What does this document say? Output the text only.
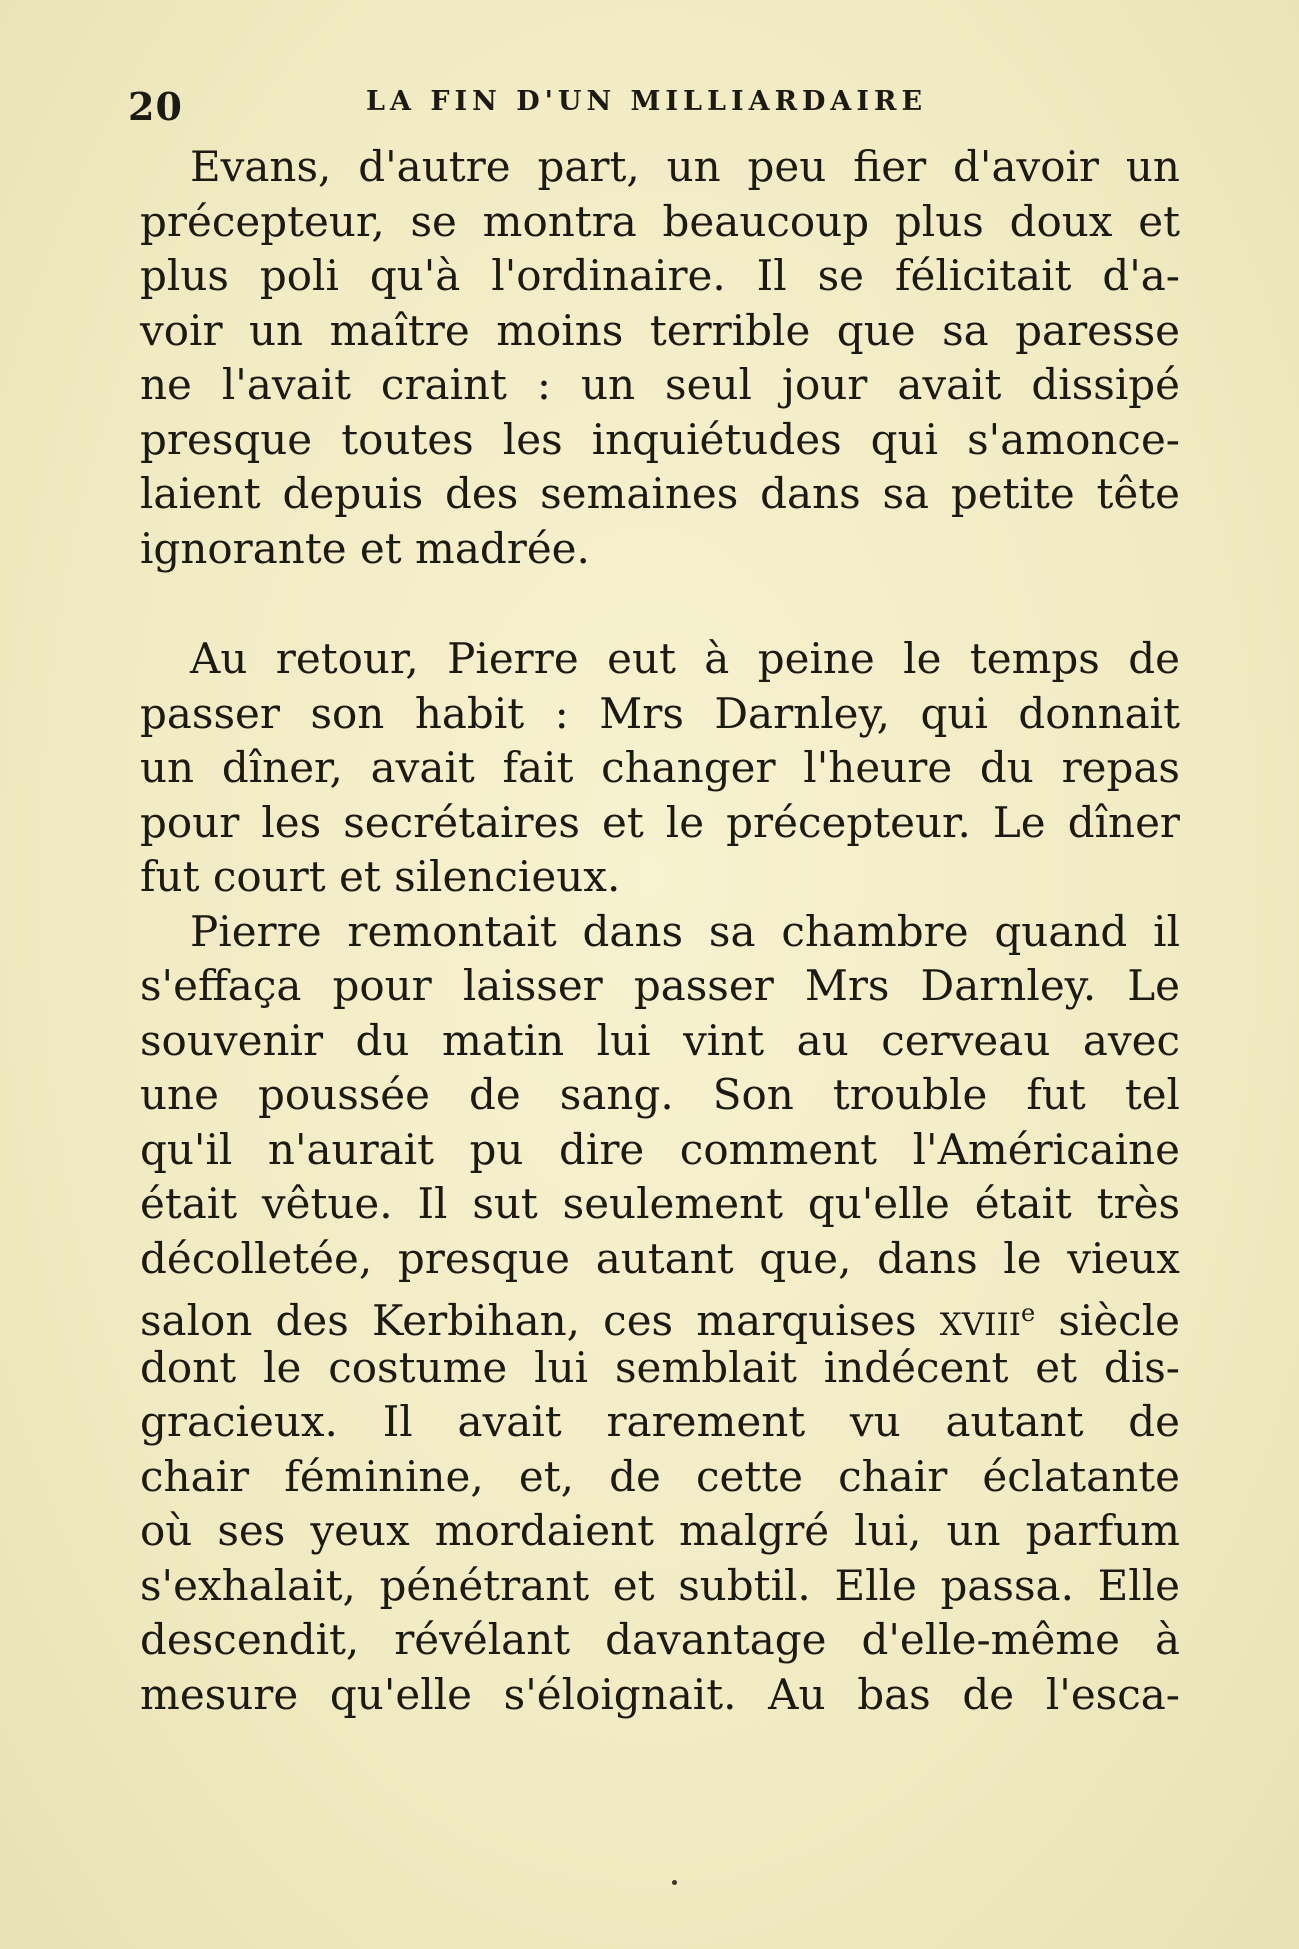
20	LA FIN D'UN MILLIARDAIRE
Evans, d'autre part, un peu fier d'avoir un
précepteur, se montra beaucoup plus doux et
plus poli qu'à l'ordinaire. Il se félicitait d'a-
voir un maître moins terrible que sa paresse
ne l'avait craint : un seul jour avait dissipé
presque toutes les inquiétudes qui s'amonce-
laient depuis des semaines dans sa petite tête
ignorante et madrée.
Au retour, Pierre eut à peine le temps de
passer son habit : Mrs Darnley, qui donnait
un dîner, avait fait changer l'heure du repas
pour les secrétaires et le précepteur. Le dîner
fut court et silencieux.
Pierre remontait dans sa chambre quand il
s'effaça pour laisser passer Mrs Darnley. Le
souvenir du matin lui vint au cerveau avec
une poussée de sang. Son trouble fut tel
qu'il n'aurait pu dire comment l'Américaine
était vêtue. Il sut seulement qu'elle était très
décolletée, presque autant que, dans le vieux
salon des Kerbihan, ces marquises XVIIIe siècle
dont le costume lui semblait indécent et dis-
gracieux. Il avait rarement vu autant de
chair féminine, et, de cette chair éclatante
où ses yeux mordaient malgré lui, un parfum
s'exhalait, pénétrant et subtil. Elle passa. Elle
descendit, révélant davantage d'elle-même à
mesure qu'elle s'éloignait. Au bas de l'esca-
